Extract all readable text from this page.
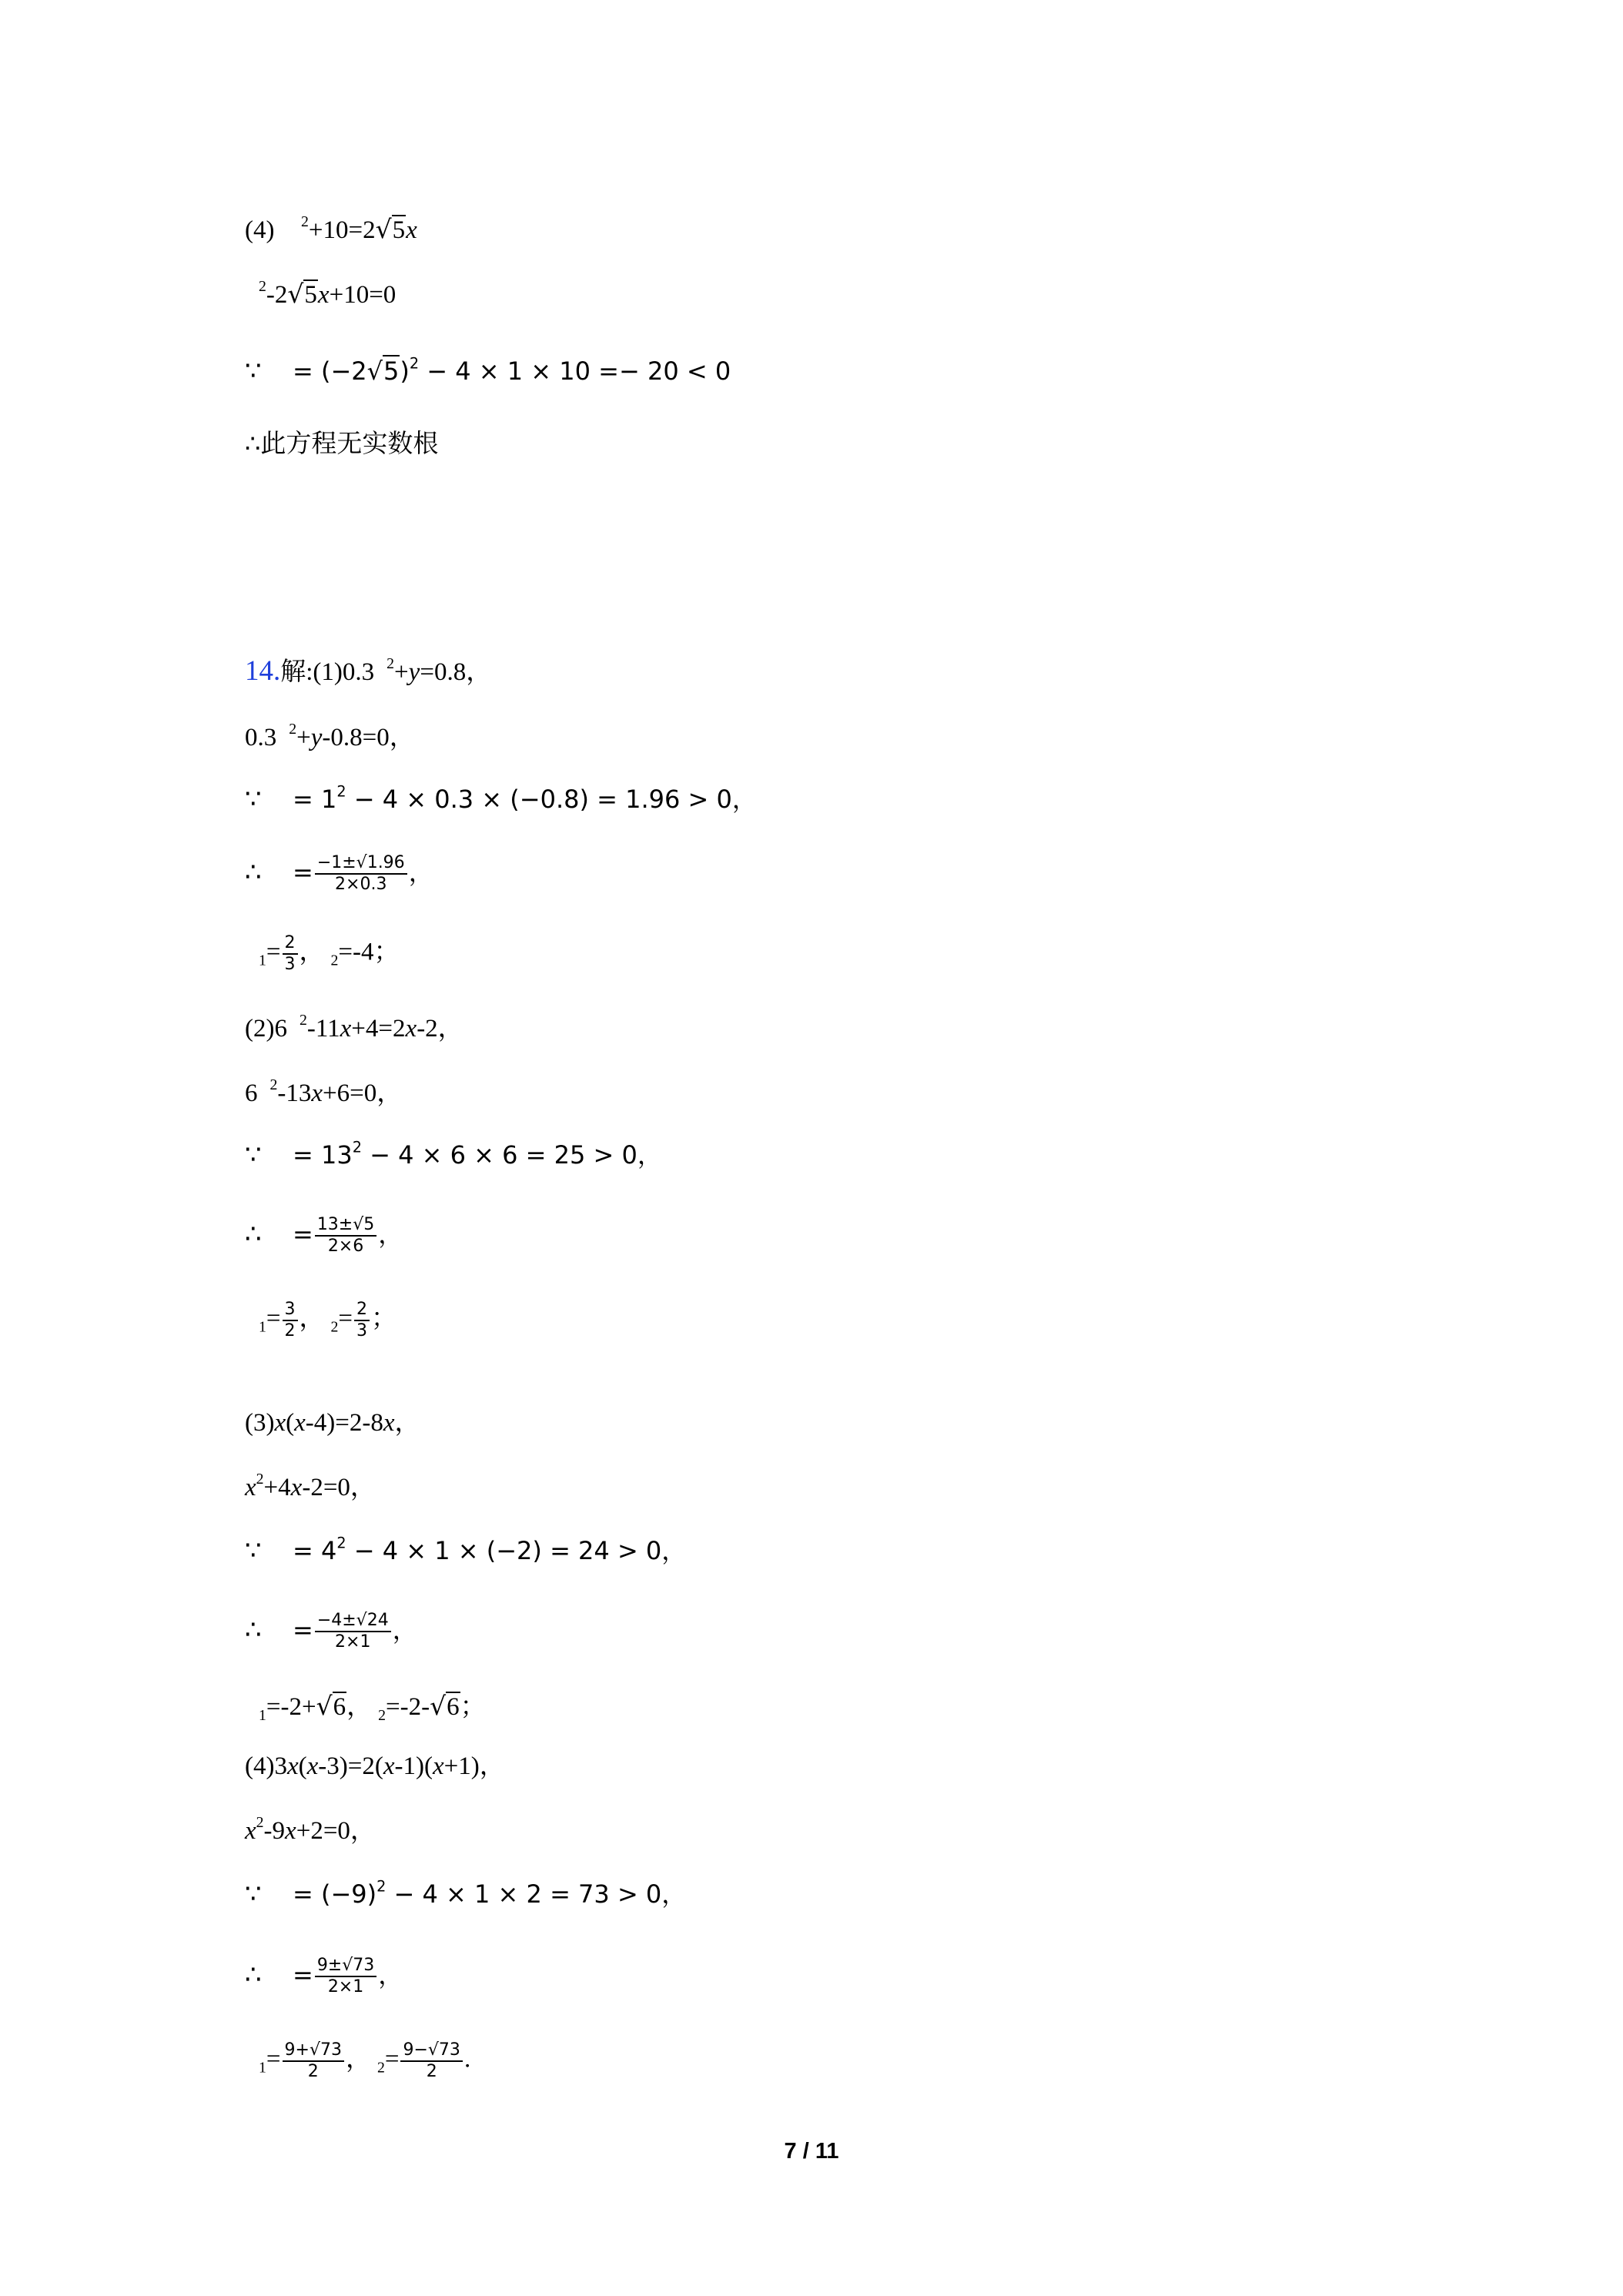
(4) $^2$+10=2√5x
$^2$-2√5x+10=0
∵ = $(-2√5)^2 - 4 \times 1 \times 10 =- 20 < 0$
∴此方程无实数根
14.解:(1)0.3 $^2$+y=0.8，
0.3 $^2$+y-0.8=0，
∵ = $1^2 - 4 \times 0.3 \times (-0.8) = 1.96 > 0$，
∴ = $\frac{-1\pm√1.96}{2\times 0.3}$ ，
$_1= \frac{2}{3}$ ， $_2$=-4；
(2)6 $^2$-11x+4=2x-2，
6 $^2$-13x+6=0，
∵ = $13^2 - 4 \times 6 \times 6 = 25 > 0$，
∴ = $\frac{13\pm√5}{2\times 6}$ ，
$_1= \frac{3}{2}$ ， $_2= \frac{2}{3}$ ；
(3)x(x-4)=2-8x，
$x^2+4x-2=0$，
∵ = $4^2 - 4 \times 1 \times (-2) = 24 > 0$，
∴ = $\frac{-4\pm√24}{2\times 1}$ ，
$_1$=-2+√6， $_2$=-2-√6；
(4)3x(x-3)=2(x-1)(x+1)，
$x^2-9x+2=0$，
∵ = $(-9)^2 - 4 \times 1 \times 2 = 73 > 0$，
∴ = $\frac{9\pm√73}{2\times 1}$ ，
$_1= \frac{9+√73}{2}$ ， $_2= \frac{9-√73}{2}$ .
7 / 11
